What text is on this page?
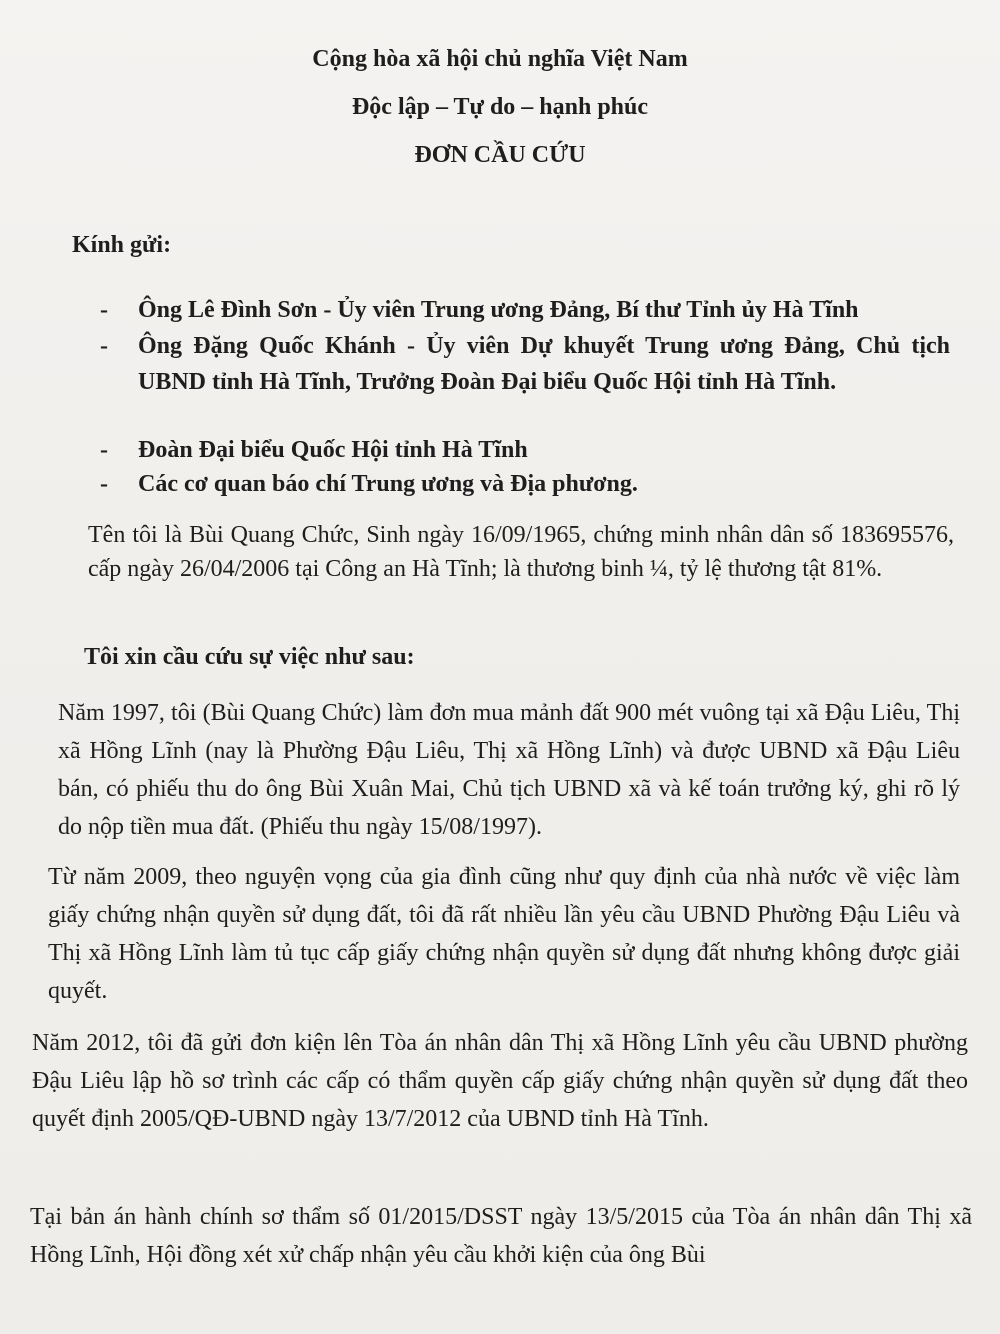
Cộng hòa xã hội chủ nghĩa Việt Nam

Độc lập – Tự do – hạnh phúc

ĐƠN CẦU CỨU

Kính gửi:

-	Ông Lê Đình Sơn - Ủy viên Trung ương Đảng, Bí thư Tỉnh ủy Hà Tĩnh
-	Ông Đặng Quốc Khánh - Ủy viên Dự khuyết Trung ương Đảng, Chủ tịch UBND tỉnh Hà Tĩnh, Trưởng Đoàn Đại biểu Quốc Hội tỉnh Hà Tĩnh.
-	Đoàn Đại biểu Quốc Hội tỉnh Hà Tĩnh
-	Các cơ quan báo chí Trung ương và Địa phương.

Tên tôi là Bùi Quang Chức, Sinh ngày 16/09/1965, chứng minh nhân dân số 183695576, cấp ngày 26/04/2006 tại Công an Hà Tĩnh; là thương binh ¼, tỷ lệ thương tật 81%.

Tôi xin cầu cứu sự việc như sau:

Năm 1997, tôi (Bùi Quang Chức) làm đơn mua mảnh đất 900 mét vuông tại xã Đậu Liêu, Thị xã Hồng Lĩnh (nay là Phường Đậu Liêu, Thị xã Hồng Lĩnh) và được UBND xã Đậu Liêu bán, có phiếu thu do ông Bùi Xuân Mai, Chủ tịch UBND xã và kế toán trưởng ký, ghi rõ lý do nộp tiền mua đất. (Phiếu thu ngày 15/08/1997).

Từ năm 2009, theo nguyện vọng của gia đình cũng như quy định của nhà nước về việc làm giấy chứng nhận quyền sử dụng đất, tôi đã rất nhiều lần yêu cầu UBND Phường Đậu Liêu và Thị xã Hồng Lĩnh làm tủ tục cấp giấy chứng nhận quyền sử dụng đất nhưng không được giải quyết.

Năm 2012, tôi đã gửi đơn kiện lên Tòa án nhân dân Thị xã Hồng Lĩnh yêu cầu UBND phường Đậu Liêu lập hồ sơ trình các cấp có thẩm quyền cấp giấy chứng nhận quyền sử dụng đất theo quyết định 2005/QĐ-UBND ngày 13/7/2012 của UBND tỉnh Hà Tĩnh.

Tại bản án hành chính sơ thẩm số 01/2015/DSST ngày 13/5/2015 của Tòa án nhân dân Thị xã Hồng Lĩnh, Hội đồng xét xử chấp nhận yêu cầu khởi kiện của ông Bùi
